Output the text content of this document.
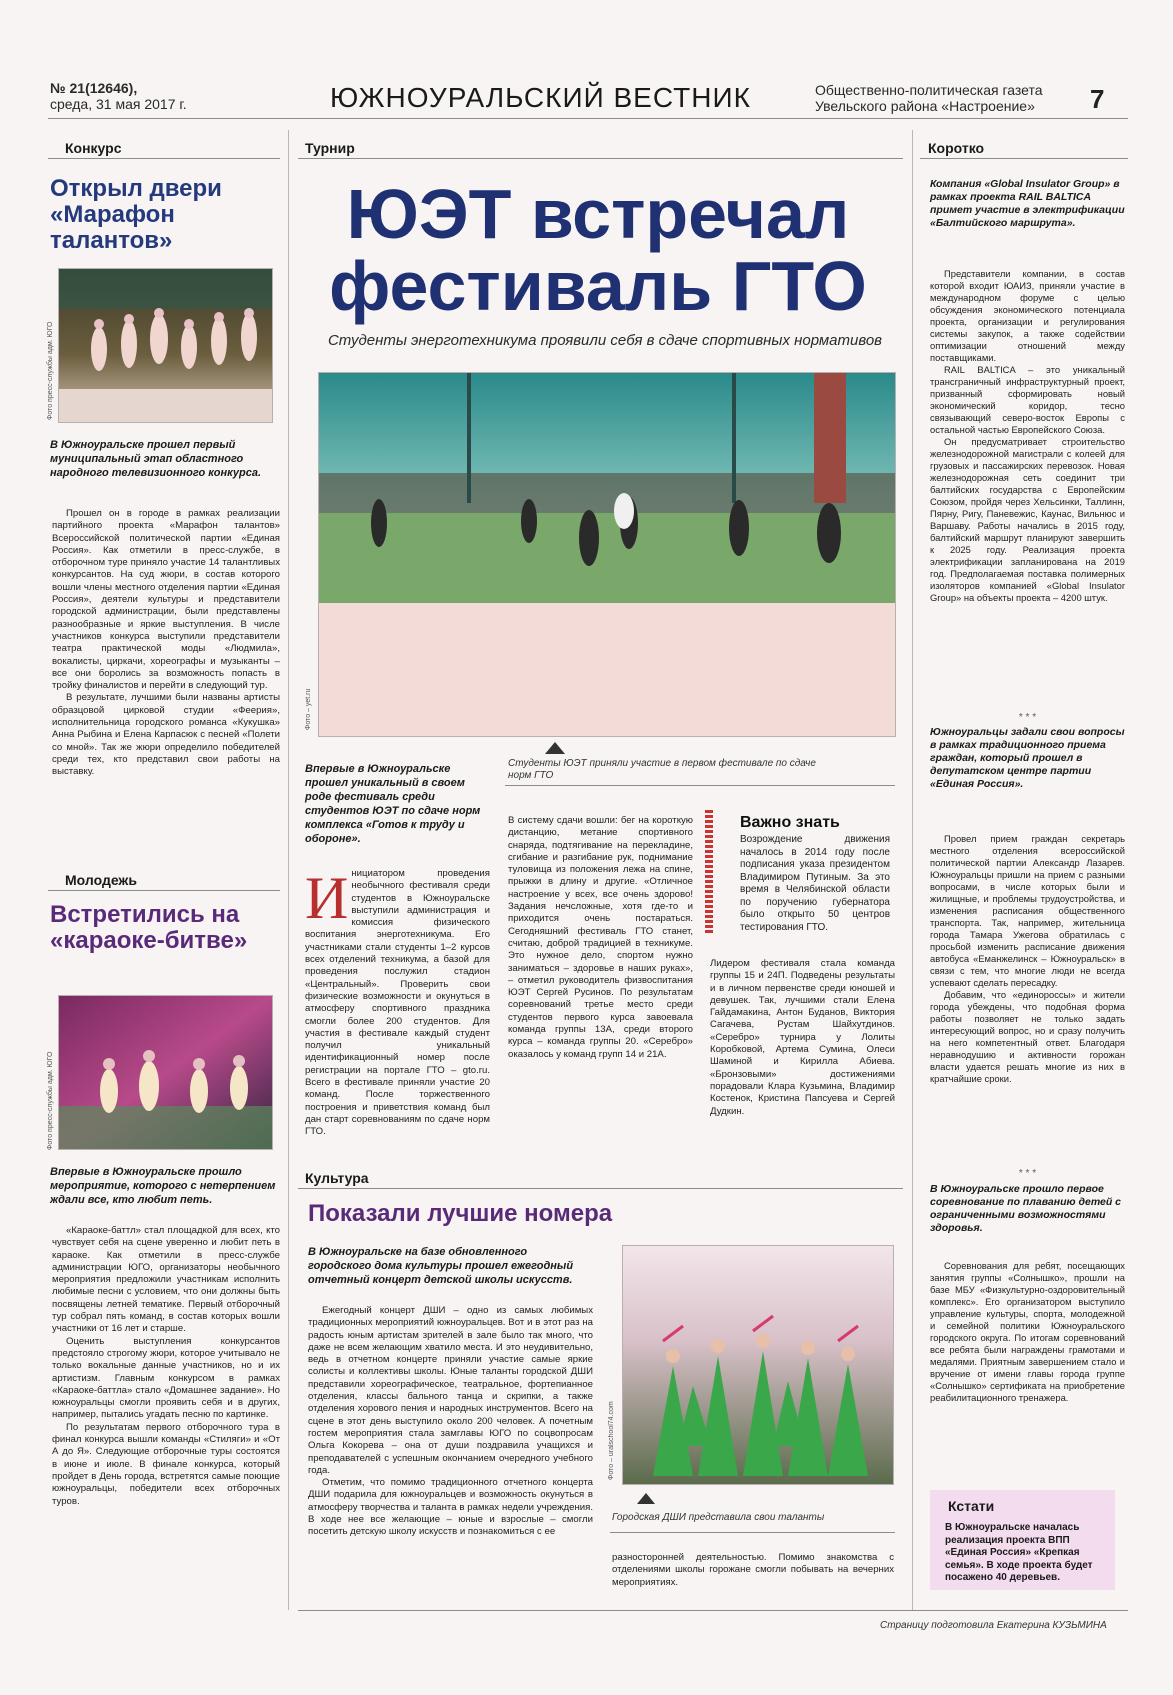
№ 21(12646),
среда, 31 мая 2017 г.	ЮЖНОУРАЛЬСКИЙ ВЕСТНИК	Общественно-политическая газета
Увельского района «Настроение» 7
Конкурс
Открыл двери «Марафон талантов»
Фото пресс-службы адм. ЮГО
В Южноуральске прошел первый муниципальный этап областного народного телевизионного конкурса.

Прошел он в городе в рамках реализации партийного проекта «Марафон талантов» Всероссийской политической партии «Единая Россия». Как отметили в пресс-службе, в отборочном туре приняло участие 14 талантливых конкурсантов. На суд жюри, в состав которого вошли члены местного отделения партии «Единая Россия», деятели культуры и представители городской администрации, были представлены разнообразные и яркие выступления. В числе участников конкурса выступили представители театра практической моды «Людмила», вокалисты, циркачи, хореографы и музыканты – все они боролись за возможность попасть в тройку финалистов и перейти в следующий тур.

В результате, лучшими были названы артисты образцовой цирковой студии «Феерия», исполнительница городского романса «Кукушка» Анна Рыбина и Елена Карпасюк с песней «Полети со мной». Так же жюри определило победителей среди тех, кто представил свои работы на выставку.

Молодежь
Встретились на «караоке-битве»
Фото пресс-службы адм. ЮГО
Впервые в Южноуральске прошло мероприятие, которого с нетерпением ждали все, кто любит петь.

«Караоке-баттл» стал площадкой для всех, кто чувствует себя на сцене уверенно и любит петь в караоке. Как отметили в пресс-службе администрации ЮГО, организаторы необычного мероприятия предложили участникам исполнить любимые песни с условием, что они должны быть посвящены летней тематике. Первый отборочный тур собрал пять команд, в состав которых вошли участники от 16 лет и старше.

Оценить выступления конкурсантов предстояло строгому жюри, которое учитывало не только вокальные данные участников, но и их артистизм. Главным конкурсом в рамках «Караоке-баттла» стало «Домашнее задание». Но южноуральцы смогли проявить себя и в других, например, пытались угадать песню по картинке.

По результатам первого отборочного тура в финал конкурса вышли команды «Стиляги» и «От А до Я». Следующие отборочные туры состоятся в июне и июле. В финале конкурса, который пройдет в День города, встретятся самые поющие южноуральцы, победители всех отборочных туров.

Турнир
ЮЭТ встречал фестиваль ГТО
Студенты энерготехникума проявили себя в сдаче спортивных нормативов
Фото – yet.ru
Впервые в Южноуральске прошел уникальный в своем роде фестиваль среди студентов ЮЭТ по сдаче норм комплекса «Готов к труду и обороне».
Студенты ЮЭТ приняли участие в первом фестивале по сдаче норм ГТО
Инициатором проведения необычного фестиваля среди студентов в Южноуральске выступили администрация и комиссия физического воспитания энерготехникума. Его участниками стали студенты 1–2 курсов всех отделений техникума, а базой для проведения послужил стадион «Центральный». Проверить свои физические возможности и окунуться в атмосферу спортивного праздника смогли более 200 студентов. Для участия в фестивале каждый студент получил уникальный идентификационный номер после регистрации на портале ГТО – gto.ru. Всего в фестивале приняли участие 20 команд. После торжественного построения и приветствия команд был дан старт соревнованиям по сдаче норм ГТО.
В систему сдачи вошли: бег на короткую дистанцию, метание спортивного снаряда, подтягивание на перекладине, сгибание и разгибание рук, поднимание туловища из положения лежа на спине, прыжки в длину и другие. «Отличное настроение у всех, все очень здорово! Задания нечсложные, хотя где-то и приходится очень постараться. Сегодняшний фестиваль ГТО станет, считаю, доброй традицией в техникуме. Это нужное дело, спортом нужно заниматься – здоровье в наших руках», – отметил руководитель физвоспитания ЮЭТ Сергей Русинов. По результатам соревнований третье место среди студентов первого курса завоевала команда группы 13А, среди второго курса – команда группы 20. «Серебро» оказалось у команд групп 14 и 21А.
Важно знать
Возрождение движения началось в 2014 году после подписания указа президентом Владимиром Путиным. За это время в Челябинской области по поручению губернатора было открыто 50 центров тестирования ГТО.
Лидером фестиваля стала команда группы 15 и 24П. Подведены результаты и в личном первенстве среди юношей и девушек. Так, лучшими стали Елена Гайдамакина, Антон Буданов, Виктория Сагачева, Рустам Шайхутдинов. «Серебро» турнира у Лолиты Коробковой, Артема Сумина, Олеси Шаминой и Кирилла Абиева. «Бронзовыми» достижениями порадовали Клара Кузьмина, Владимир Костенок, Кристина Папсуева и Сергей Дудкин.
Культура
Показали лучшие номера
В Южноуральске на базе обновленного городского дома культуры прошел ежегодный отчетный концерт детской школы искусств.

Ежегодный концерт ДШИ – одно из самых любимых традиционных мероприятий южноуральцев. Вот и в этот раз на радость юным артистам зрителей в зале было так много, что даже не всем желающим хватило места. И это неудивительно, ведь в отчетном концерте приняли участие самые яркие солисты и коллективы школы. Юные таланты городской ДШИ представили хореографическое, театральное, фортепианное отделения, классы бального танца и скрипки, а также отделения хорового пения и народных инструментов. Всего на сцене в этот день выступило около 200 человек. А почетным гостем мероприятия стала замглавы ЮГО по соцвопросам Ольга Кокорева – она от души поздравила учащихся и преподавателей с успешным окончанием очередного учебного года.

Отметим, что помимо традиционного отчетного концерта ДШИ подарила для южноуральцев и возможность окунуться в атмосферу творчества и таланта в рамках недели учреждения. В ходе нее все желающие – юные и взрослые – смогли посетить детскую школу искусств и познакомиться с ее

Фото – uralschool74.com
Городская ДШИ представила свои таланты
разносторонней деятельностью. Помимо знакомства с отделениями школы горожане смогли побывать на вечерних мероприятиях.
Коротко
Компания «Global Insulator Group» в рамках проекта RAIL BALTICA примет участие в электрификации «Балтийского маршрута».

Представители компании, в состав которой входит ЮАИЗ, приняли участие в международном форуме с целью обсуждения экономического потенциала проекта, организации и регулирования системы закупок, а также содействии оптимизации отношений между поставщиками.

RAIL BALTICA – это уникальный трансграничный инфраструктурный проект, призванный сформировать новый экономический коридор, тесно связывающий северо-восток Европы с остальной частью Европейского Союза.

Он предусматривает строительство железнодорожной магистрали с колеей для грузовых и пассажирских перевозок. Новая железнодорожная сеть соединит три балтийских государства с Европейским Союзом, пройдя через Хельсинки, Таллинн, Пярну, Ригу, Паневежис, Каунас, Вильнюс и Варшаву. Работы начались в 2015 году, балтийский маршрут планируют завершить к 2025 году. Реализация проекта электрификации запланирована на 2019 год. Предполагаемая поставка полимерных изоляторов компанией «Global Insulator Group» на объекты проекта – 4200 штук.

* * *
Южноуральцы задали свои вопросы в рамках традиционного приема граждан, который прошел в депутатском центре партии «Единая Россия».

Провел прием граждан секретарь местного отделения всероссийской политической партии Александр Лазарев. Южноуральцы пришли на прием с разными вопросами, в числе которых были и жилищные, и проблемы трудоустройства, и изменения расписания общественного транспорта. Так, например, жительница города Тамара Ужегова обратилась с просьбой изменить расписание движения автобуса «Еманжелинск – Южноуральск» в связи с тем, что многие люди не всегда успевают сделать пересадку.

Добавим, что «единороссы» и жители города убеждены, что подобная форма работы позволяет не только задать интересующий вопрос, но и сразу получить на него компетентный ответ. Благодаря неравнодушию и активности горожан власти удается решать многие из них в кратчайшие сроки.

* * *
В Южноуральске прошло первое соревнование по плаванию детей с ограниченными возможностями здоровья.

Соревнования для ребят, посещающих занятия группы «Солнышко», прошли на базе МБУ «Физкультурно-оздоровительный комплекс». Его организатором выступило управление культуры, спорта, молодежной и семейной политики Южноуральского городского округа. По итогам соревнований все ребята были награждены грамотами и медалями. Приятным завершением стало и вручение от имени главы города группе «Солнышко» сертификата на приобретение реабилитационного тренажера.

Кстати
В Южноуральске началась реализация проекта ВПП «Единая Россия» «Крепкая семья». В ходе проекта будет посажено 40 деревьев.
Страницу подготовила Екатерина КУЗЬМИНА
